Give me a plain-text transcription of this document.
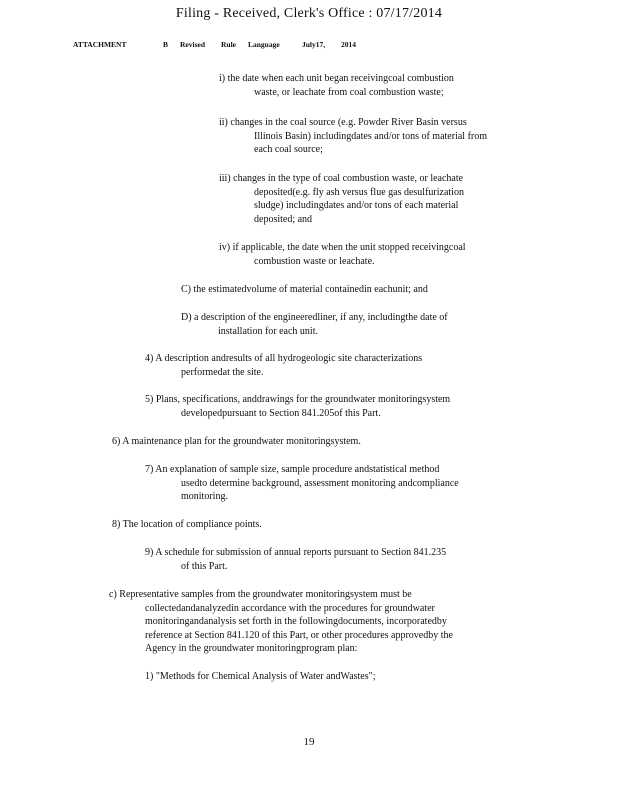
Filing - Received, Clerk's Office : 07/17/2014
ATTACHMENT	B Revised Rule Language	July17, 2014
i) the date when each unit began receivingcoal combustion
waste, or leachate from coal combustion waste;
ii) changes in the coal source (e.g. Powder River Basin versus
Illinois Basin) includingdates and/or tons of material from
each coal source;
iii) changes in the type of coal combustion waste, or leachate
deposited(e.g. fly ash versus flue gas desulfurization
sludge) includingdates and/or tons of each material
deposited; and
iv) if applicable, the date when the unit stopped receivingcoal
combustion waste or leachate.
C) the estimatedvolume of material containedin eachunit; and
D) a description of the engineeredliner, if any, includingthe date of
installation for each unit.
4) A description andresults of all hydrogeologic site characterizations
performedat the site.
5) Plans, specifications, anddrawings for the groundwater monitoringsystem
developedpursuant to Section 841.205of this Part.
6) A maintenance plan for the groundwater monitoringsystem.
7) An explanation of sample size, sample procedure andstatistical method
usedto determine background, assessment monitoring andcompliance
monitoring.
8) The location of compliance points.
9) A schedule for submission of annual reports pursuant to Section 841.235
of this Part.
c) Representative samples from the groundwater monitoringsystem must be
collectedandanalyzedin accordance with the procedures for groundwater
monitoringandanalysis set forth in the followingdocuments, incorporatedby
reference at Section 841.120 of this Part, or other procedures approvedby the
Agency in the groundwater monitoringprogram plan:
1) "Methods for Chemical Analysis of Water andWastes";
19
